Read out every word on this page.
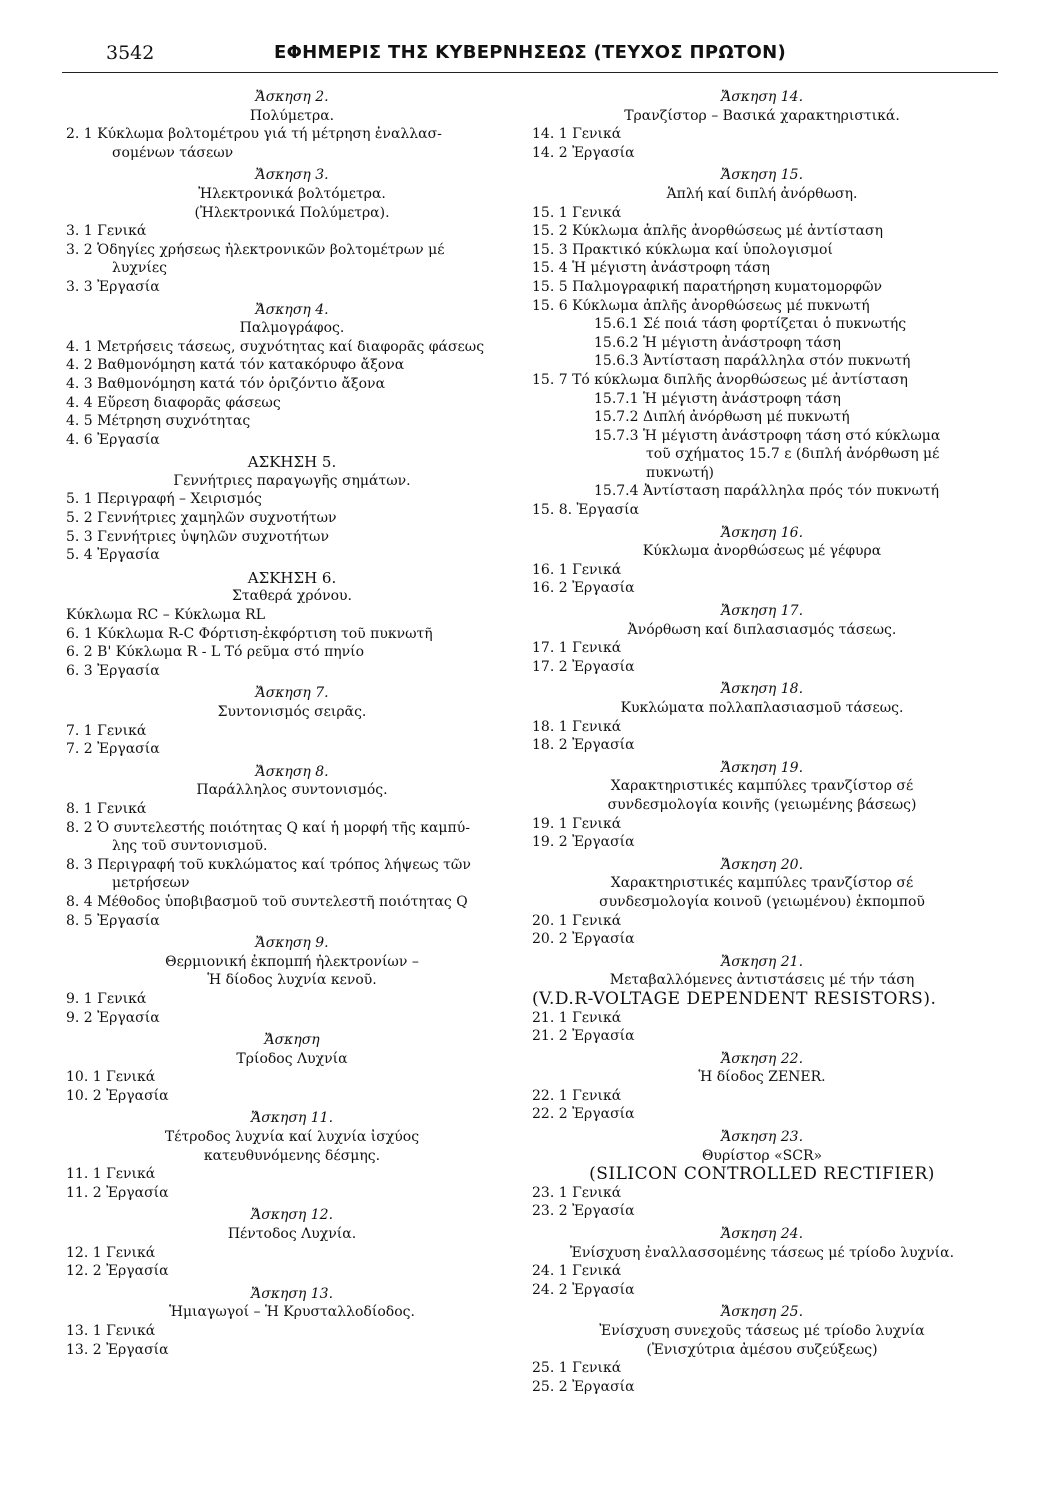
3542	ΕΦΗΜΕΡΙΣ ΤΗΣ ΚΥΒΕΡΝΗΣΕΩΣ (ΤΕΥΧΟΣ ΠΡΩΤΟΝ)
Ἄσκηση 2.
Πολύμετρα.
2. 1 Κύκλωμα βολτομέτρου γιά τή μέτρηση ἐναλλασ-
σομένων τάσεων
Ἄσκηση 3.
Ἠλεκτρονικά βολτόμετρα.
(Ἠλεκτρονικά Πολύμετρα).
3. 1 Γενικά
3. 2 Ὁδηγίες χρήσεως ἠλεκτρονικῶν βολτομέτρων μέ
λυχνίες
3. 3 Ἐργασία
Ἄσκηση 4.
Παλμογράφος.
4. 1 Μετρήσεις τάσεως, συχνότητας καί διαφορᾶς φάσεως
4. 2 Βαθμονόμηση κατά τόν κατακόρυφο ἄξονα
4. 3 Βαθμονόμηση κατά τόν ὁριζόντιο ἄξονα
4. 4 Εὕρεση διαφορᾶς φάσεως
4. 5 Μέτρηση συχνότητας
4. 6 Ἐργασία
ΑΣΚΗΣΗ 5.
Γεννήτριες παραγωγῆς σημάτων.
5. 1 Περιγραφή – Χειρισμός
5. 2 Γεννήτριες χαμηλῶν συχνοτήτων
5. 3 Γεννήτριες ὑψηλῶν συχνοτήτων
5. 4 Ἐργασία
ΑΣΚΗΣΗ 6.
Σταθερά χρόνου.
Κύκλωμα RC – Κύκλωμα RL
6. 1 Κύκλωμα R-C Φόρτιση-ἐκφόρτιση τοῦ πυκνωτῆ
6. 2 Β' Κύκλωμα R - L Τό ρεῦμα στό πηνίο
6. 3 Ἐργασία
Ἄσκηση 7.
Συντονισμός σειρᾶς.
7. 1 Γενικά
7. 2 Ἐργασία
Ἄσκηση 8.
Παράλληλος συντονισμός.
8. 1 Γενικά
8. 2 Ὁ συντελεστής ποιότητας Q καί ἡ μορφή τῆς καμπύ-
λης τοῦ συντονισμοῦ.
8. 3 Περιγραφή τοῦ κυκλώματος καί τρόπος λήψεως τῶν
μετρήσεων
8. 4 Μέθοδος ὑποβιβασμοῦ τοῦ συντελεστῆ ποιότητας Q
8. 5 Ἐργασία
Ἄσκηση 9.
Θερμιονική ἐκπομπή ἠλεκτρονίων –
Ἡ δίοδος λυχνία κενοῦ.
9. 1 Γενικά
9. 2 Ἐργασία
Ἄσκηση
Τρίοδος Λυχνία
10. 1 Γενικά
10. 2 Ἐργασία
Ἄσκηση 11.
Τέτροδος λυχνία καί λυχνία ἰσχύος
κατευθυνόμενης δέσμης.
11. 1 Γενικά
11. 2 Ἐργασία
Ἄσκηση 12.
Πέντοδος Λυχνία.
12. 1 Γενικά
12. 2 Ἐργασία
Ἄσκηση 13.
Ἡμιαγωγοί – Ἡ Κρυσταλλοδίοδος.
13. 1 Γενικά
13. 2 Ἐργασία
Ἄσκηση 14.
Τρανζίστορ – Βασικά χαρακτηριστικά.
14. 1 Γενικά
14. 2 Ἐργασία
Ἄσκηση 15.
Ἁπλή καί διπλή ἀνόρθωση.
15. 1 Γενικά
15. 2 Κύκλωμα ἁπλῆς ἀνορθώσεως μέ ἀντίσταση
15. 3 Πρακτικό κύκλωμα καί ὑπολογισμοί
15. 4 Ἡ μέγιστη ἀνάστροφη τάση
15. 5 Παλμογραφική παρατήρηση κυματομορφῶν
15. 6 Κύκλωμα ἁπλῆς ἀνορθώσεως μέ πυκνωτή
15.6.1 Σέ ποιά τάση φορτίζεται ὁ πυκνωτής
15.6.2 Ἡ μέγιστη ἀνάστροφη τάση
15.6.3 Ἀντίσταση παράλληλα στόν πυκνωτή
15. 7 Τό κύκλωμα διπλῆς ἀνορθώσεως μέ ἀντίσταση
15.7.1 Ἡ μέγιστη ἀνάστροφη τάση
15.7.2 Διπλή ἀνόρθωση μέ πυκνωτή
15.7.3 Ἡ μέγιστη ἀνάστροφη τάση στό κύκλωμα
τοῦ σχήματος 15.7 ε (διπλή ἀνόρθωση μέ
πυκνωτή)
15.7.4 Ἀντίσταση παράλληλα πρός τόν πυκνωτή
15. 8. Ἐργασία
Ἄσκηση 16.
Κύκλωμα ἀνορθώσεως μέ γέφυρα
16. 1 Γενικά
16. 2 Ἐργασία
Ἄσκηση 17.
Ἀνόρθωση καί διπλασιασμός τάσεως.
17. 1 Γενικά
17. 2 Ἐργασία
Ἄσκηση 18.
Κυκλώματα πολλαπλασιασμοῦ τάσεως.
18. 1 Γενικά
18. 2 Ἐργασία
Ἄσκηση 19.
Χαρακτηριστικές καμπύλες τρανζίστορ σέ
συνδεσμολογία κοινῆς (γειωμένης βάσεως)
19. 1 Γενικά
19. 2 Ἐργασία
Ἄσκηση 20.
Χαρακτηριστικές καμπύλες τρανζίστορ σέ
συνδεσμολογία κοινοῦ (γειωμένου) ἐκπομποῦ
20. 1 Γενικά
20. 2 Ἐργασία
Ἄσκηση 21.
Μεταβαλλόμενες ἀντιστάσεις μέ τήν τάση
(V.D.R-VOLTAGE DEPENDENT RESISTORS).
21. 1 Γενικά
21. 2 Ἐργασία
Ἄσκηση 22.
Ἡ δίοδος ZENER.
22. 1 Γενικά
22. 2 Ἐργασία
Ἄσκηση 23.
Θυρίστορ «SCR»
(SILICON CONTROLLED RECTIFIER)
23. 1 Γενικά
23. 2 Ἐργασία
Ἄσκηση 24.
Ἐνίσχυση ἐναλλασσομένης τάσεως μέ τρίοδο λυχνία.
24. 1 Γενικά
24. 2 Ἐργασία
Ἄσκηση 25.
Ἐνίσχυση συνεχοῦς τάσεως μέ τρίοδο λυχνία
(Ἐνισχύτρια ἀμέσου συζεύξεως)
25. 1 Γενικά
25. 2 Ἐργασία
